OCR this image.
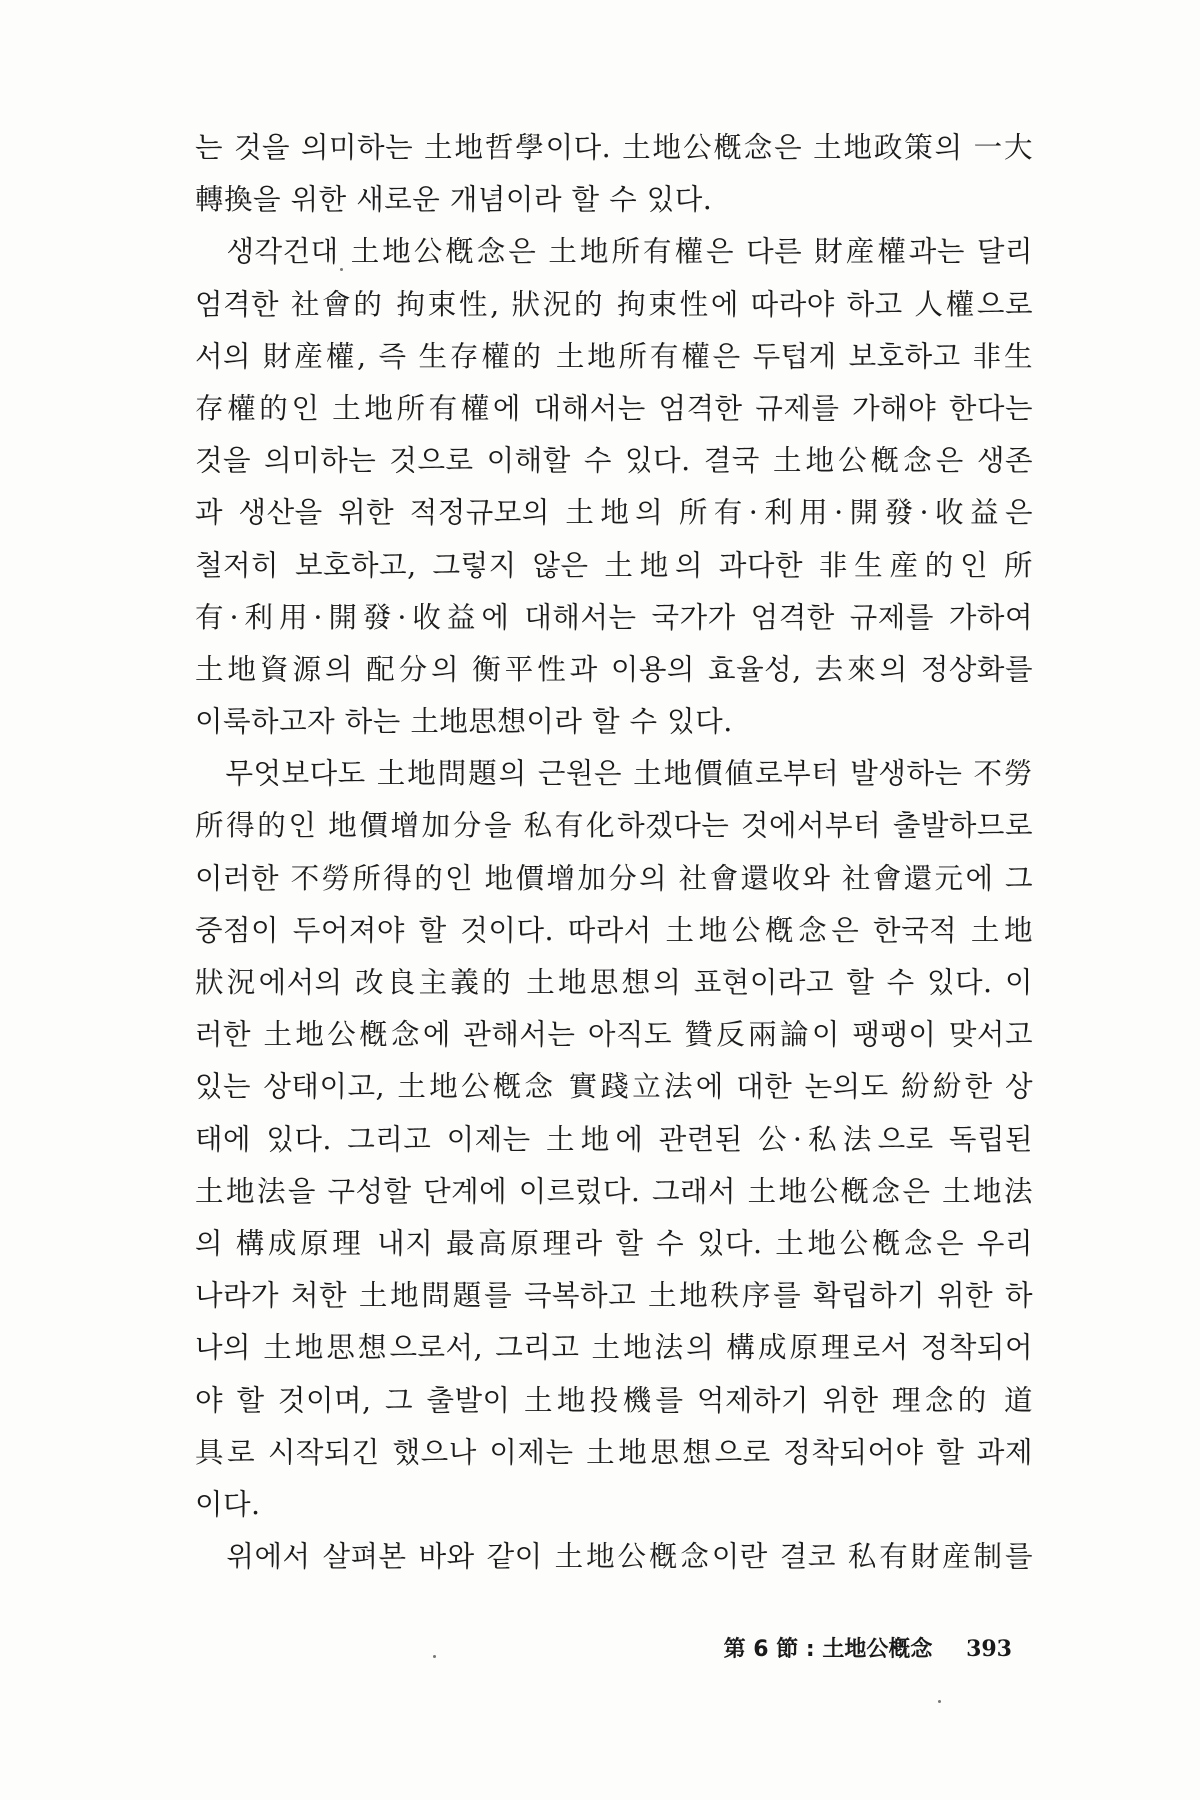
는 것을 의미하는 土地哲學이다. 土地公槪念은 土地政策의 一大
轉換을 위한 새로운 개념이라 할 수 있다.
　생각건대 土地公槪念은 土地所有權은 다른 財産權과는 달리
엄격한 社會的 拘束性, 狀況的 拘束性에 따라야 하고 人權으로
서의 財産權, 즉 生存權的 土地所有權은 두텁게 보호하고 非生
存權的인 土地所有權에 대해서는 엄격한 규제를 가해야 한다는
것을 의미하는 것으로 이해할 수 있다. 결국 土地公槪念은 생존
과 생산을 위한 적정규모의 土地의 所有·利用·開發·收益은
철저히 보호하고, 그렇지 않은 土地의 과다한 非生産的인 所
有·利用·開發·收益에 대해서는 국가가 엄격한 규제를 가하여
土地資源의 配分의 衡平性과 이용의 효율성, 去來의 정상화를
이룩하고자 하는 土地思想이라 할 수 있다.
　무엇보다도 土地問題의 근원은 土地價値로부터 발생하는 不勞
所得的인 地價增加分을 私有化하겠다는 것에서부터 출발하므로
이러한 不勞所得的인 地價增加分의 社會還收와 社會還元에 그
중점이 두어져야 할 것이다. 따라서 土地公槪念은 한국적 土地
狀況에서의 改良主義的 土地思想의 표현이라고 할 수 있다. 이
러한 土地公槪念에 관해서는 아직도 贊反兩論이 팽팽이 맞서고
있는 상태이고, 土地公槪念 實踐立法에 대한 논의도 紛紛한 상
태에 있다. 그리고 이제는 土地에 관련된 公·私法으로 독립된
土地法을 구성할 단계에 이르렀다. 그래서 土地公槪念은 土地法
의 構成原理 내지 最高原理라 할 수 있다. 土地公槪念은 우리
나라가 처한 土地問題를 극복하고 土地秩序를 확립하기 위한 하
나의 土地思想으로서, 그리고 土地法의 構成原理로서 정착되어
야 할 것이며, 그 출발이 土地投機를 억제하기 위한 理念的 道
具로 시작되긴 했으나 이제는 土地思想으로 정착되어야 할 과제
이다.
　위에서 살펴본 바와 같이 土地公槪念이란 결코 私有財産制를
第 6 節 : 土地公槪念 393
